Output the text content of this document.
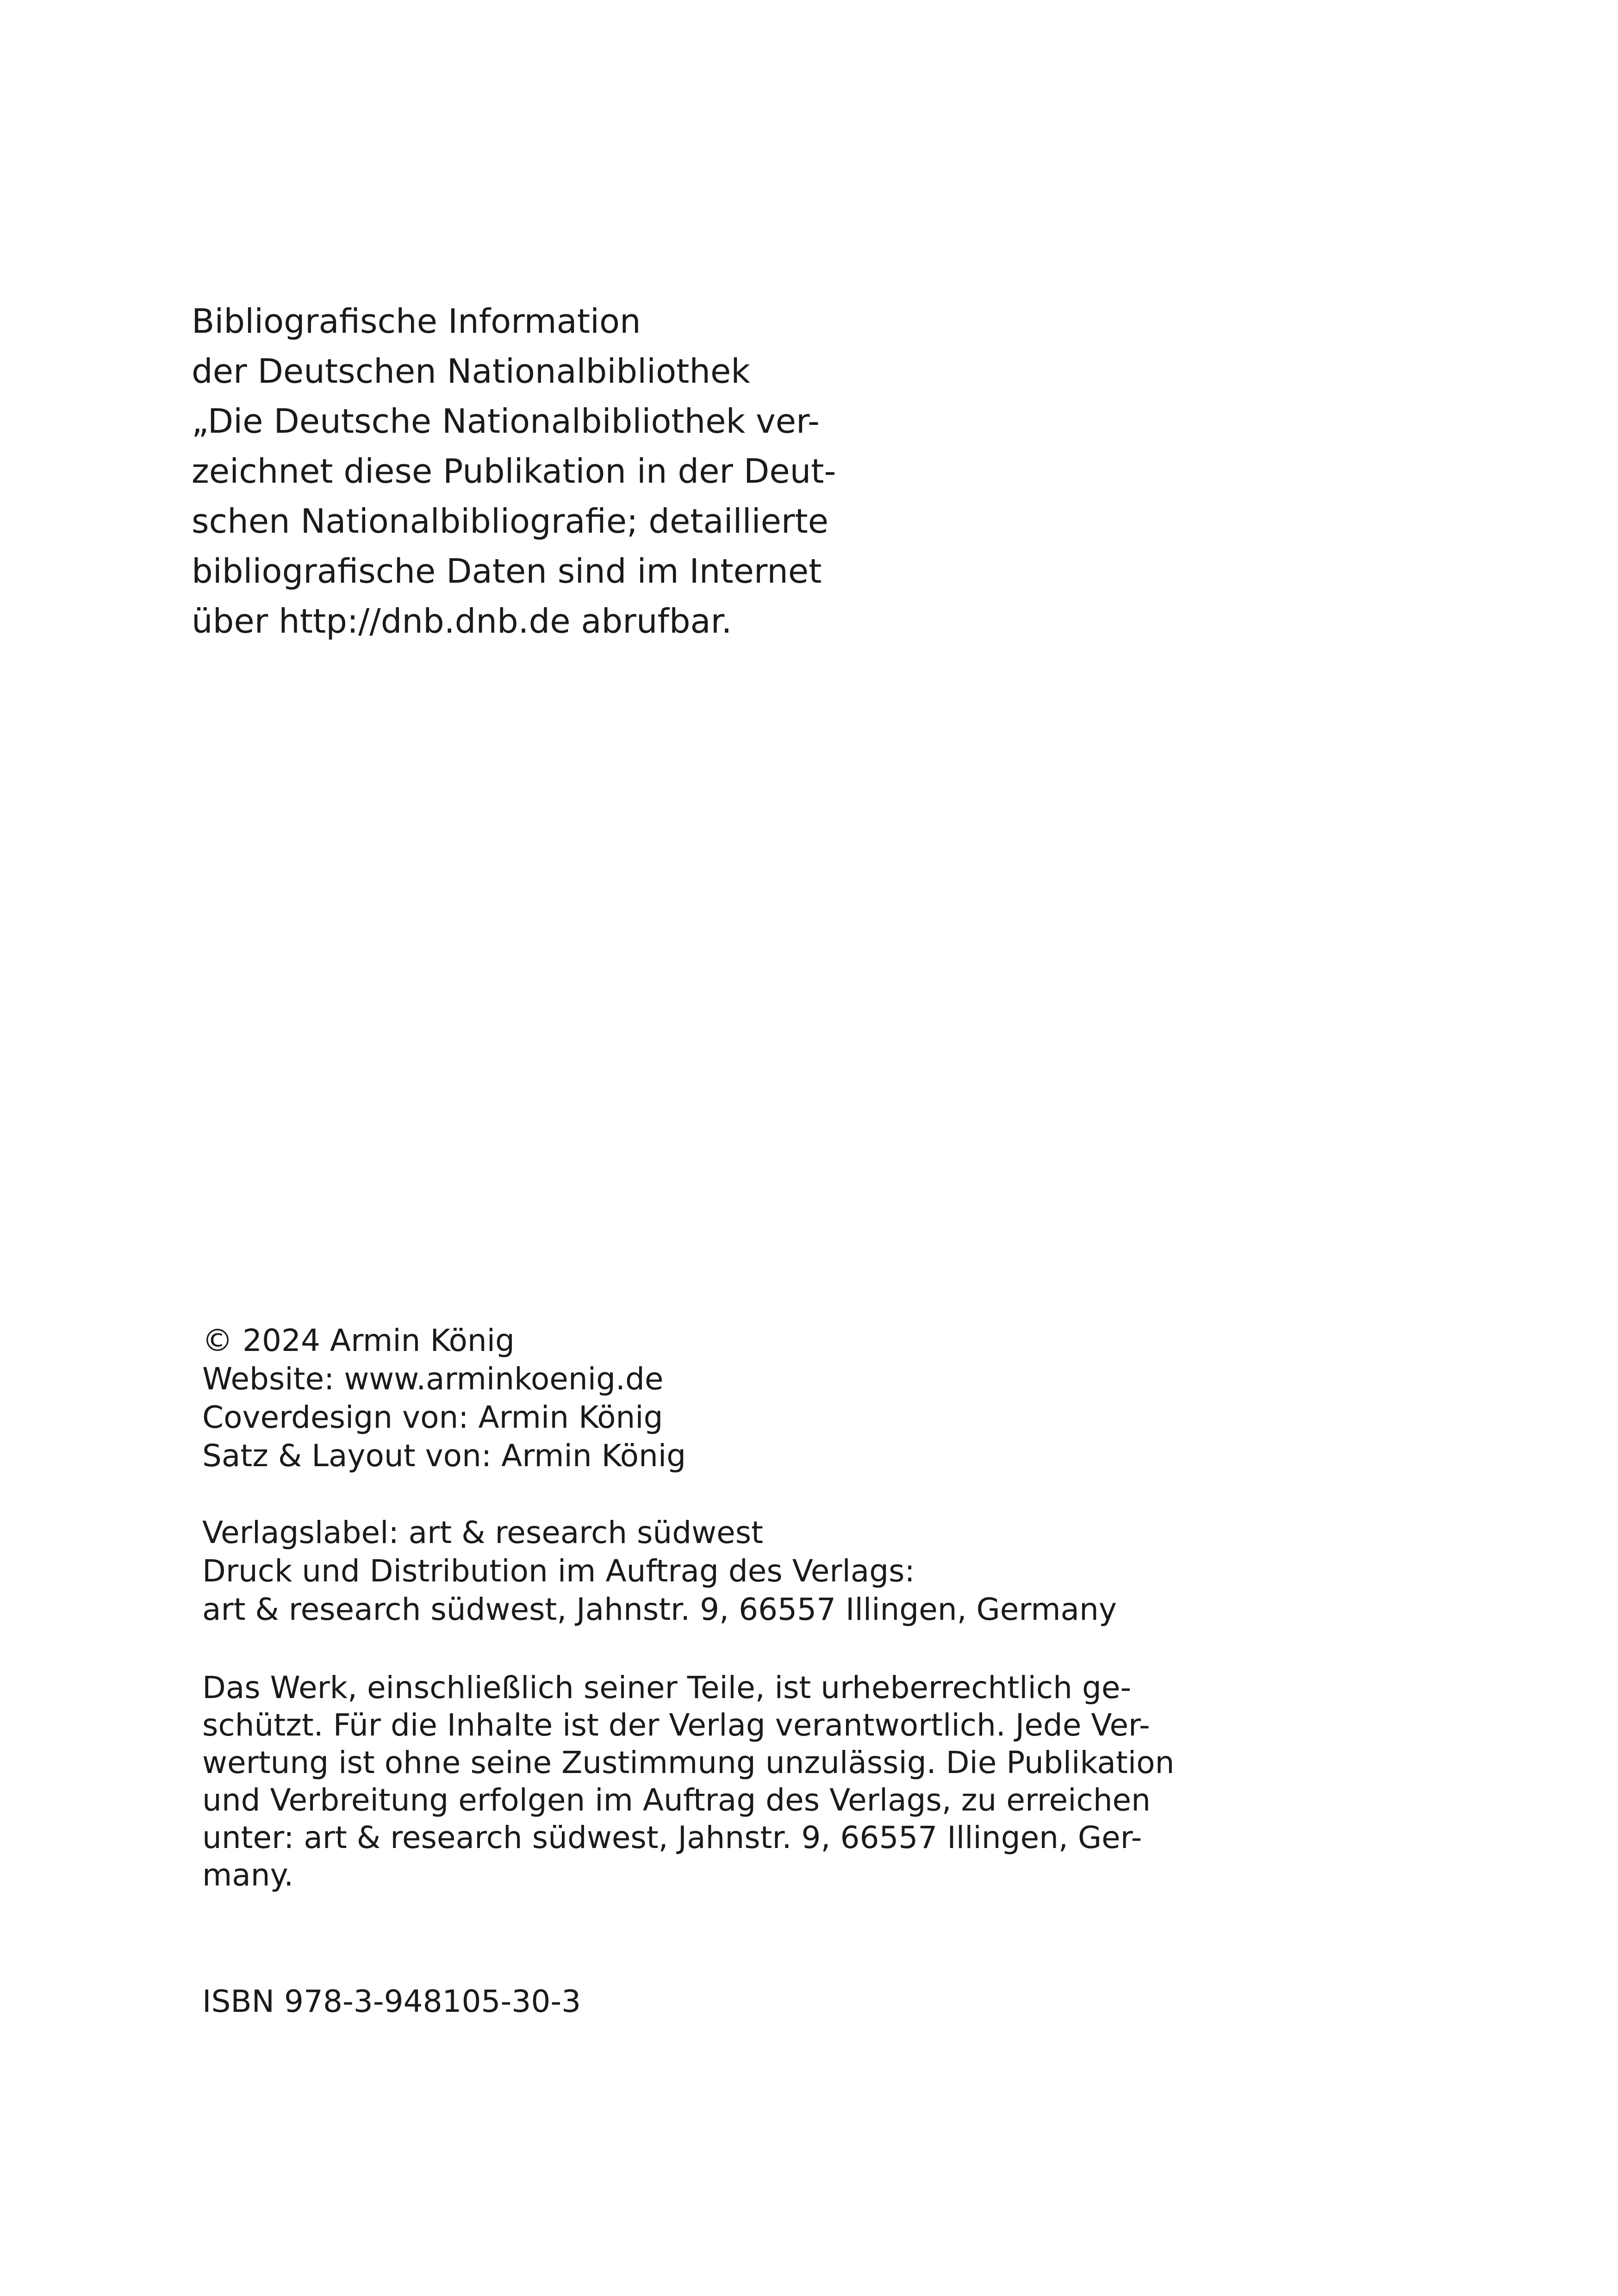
Bibliografische Information

der Deutschen Nationalbibliothek

„Die Deutsche Nationalbibliothek ver-

zeichnet diese Publikation in der Deut-

schen Nationalbibliografie; detaillierte

bibliografische Daten sind im Internet

über http://dnb.dnb.de abrufbar.

© 2024 Armin König

Website: www.arminkoenig.de

Coverdesign von: Armin König

Satz & Layout von: Armin König

Verlagslabel: art & research südwest

Druck und Distribution im Auftrag des Verlags:

art & research südwest, Jahnstr. 9, 66557 Illingen, Germany

Das Werk, einschließlich seiner Teile, ist urheberrechtlich ge-

schützt. Für die Inhalte ist der Verlag verantwortlich. Jede Ver-

wertung ist ohne seine Zustimmung unzulässig. Die Publikation

und Verbreitung erfolgen im Auftrag des Verlags, zu erreichen

unter: art & research südwest, Jahnstr. 9, 66557 Illingen, Ger-

many.

ISBN 978-3-948105-30-3
